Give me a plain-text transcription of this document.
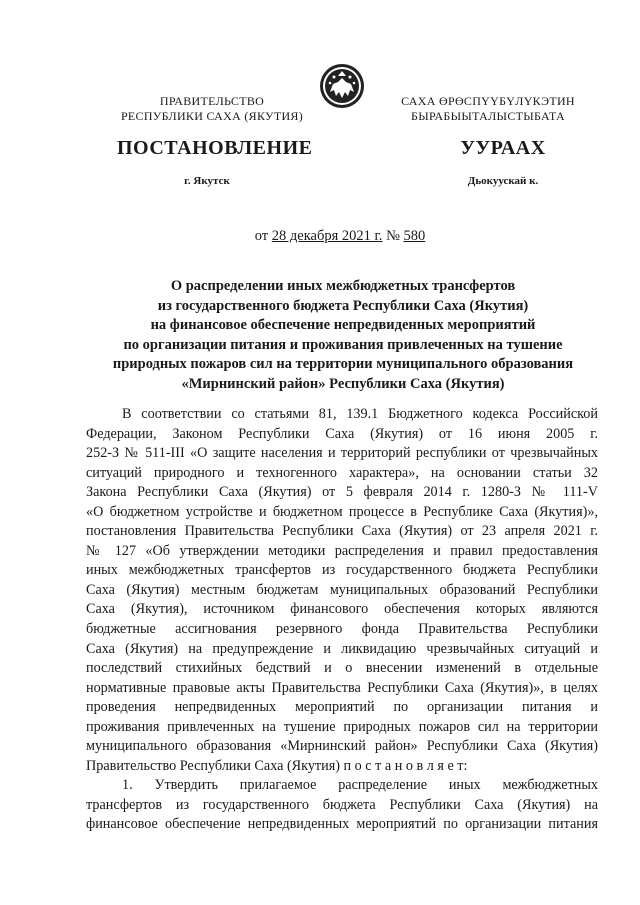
ПРАВИТЕЛЬСТВО
РЕСПУБЛИКИ САХА (ЯКУТИЯ)
САХА ӨРӨСПҮҮБҮЛҮКЭТИН
БЫРАБЫЫТАЛЫСТЫБАТА
ПОСТАНОВЛЕНИЕ	УУРААХ
г. Якутск	Дьокуускай к.
от 28 декабря 2021 г. № 580
О распределении иных межбюджетных трансфертов
из государственного бюджета Республики Саха (Якутия)
на финансовое обеспечение непредвиденных мероприятий
по организации питания и проживания привлеченных на тушение
природных пожаров сил на территории муниципального образования
«Мирнинский район» Республики Саха (Якутия)
В соответствии со статьями 81, 139.1 Бюджетного кодекса Российской
Федерации, Законом Республики Саха (Якутия) от 16 июня 2005 г.
252-З № 511-III «О защите населения и территорий республики от чрезвычайных
ситуаций природного и техногенного характера», на основании статьи 32
Закона Республики Саха (Якутия) от 5 февраля 2014 г. 1280-З № 111-V
«О бюджетном устройстве и бюджетном процессе в Республике Саха (Якутия)»,
постановления Правительства Республики Саха (Якутия) от 23 апреля 2021 г.
№ 127 «Об утверждении методики распределения и правил предоставления
иных межбюджетных трансфертов из государственного бюджета Республики
Саха (Якутия) местным бюджетам муниципальных образований Республики
Саха (Якутия), источником финансового обеспечения которых являются
бюджетные ассигнования резервного фонда Правительства Республики
Саха (Якутия) на предупреждение и ликвидацию чрезвычайных ситуаций и
последствий стихийных бедствий и о внесении изменений в отдельные
нормативные правовые акты Правительства Республики Саха (Якутия)», в целях
проведения непредвиденных мероприятий по организации питания и
проживания привлеченных на тушение природных пожаров сил на территории
муниципального образования «Мирнинский район» Республики Саха (Якутия)
Правительство Республики Саха (Якутия) п о с т а н о в л я е т:
1. Утвердить прилагаемое распределение иных межбюджетных
трансфертов из государственного бюджета Республики Саха (Якутия) на
финансовое обеспечение непредвиденных мероприятий по организации питания
